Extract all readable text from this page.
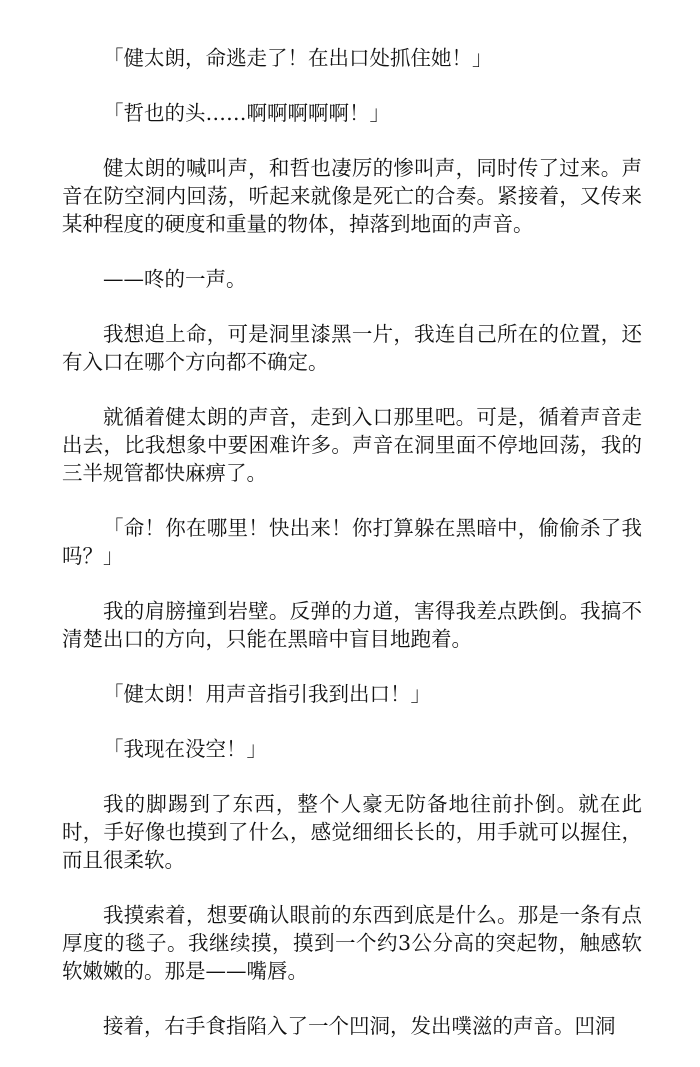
「健太朗，命逃走了！在出口处抓住她！」

「哲也的头……啊啊啊啊啊！」

健太朗的喊叫声，和哲也凄厉的惨叫声，同时传了过来。声音在防空洞内回荡，听起来就像是死亡的合奏。紧接着，又传来某种程度的硬度和重量的物体，掉落到地面的声音。

——咚的一声。

我想追上命，可是洞里漆黑一片，我连自己所在的位置，还有入口在哪个方向都不确定。

就循着健太朗的声音，走到入口那里吧。可是，循着声音走出去，比我想象中要困难许多。声音在洞里面不停地回荡，我的三半规管都快麻痹了。

「命！你在哪里！快出来！你打算躲在黑暗中，偷偷杀了我吗？」

我的肩膀撞到岩壁。反弹的力道，害得我差点跌倒。我搞不清楚出口的方向，只能在黑暗中盲目地跑着。

「健太朗！用声音指引我到出口！」

「我现在没空！」

我的脚踢到了东西，整个人豪无防备地往前扑倒。就在此时，手好像也摸到了什么，感觉细细长长的，用手就可以握住，而且很柔软。

我摸索着，想要确认眼前的东西到底是什么。那是一条有点厚度的毯子。我继续摸，摸到一个约3公分高的突起物，触感软软嫩嫩的。那是——嘴唇。

接着，右手食指陷入了一个凹洞，发出噗滋的声音。凹洞
